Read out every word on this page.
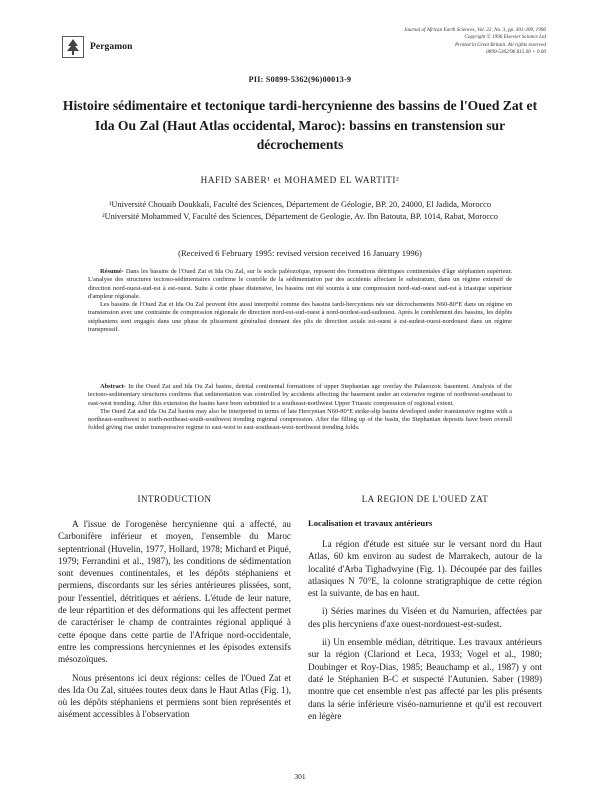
Pergamon
Journal of African Earth Sciences, Vol. 22, No. 3, pp. 301-309, 1996
Copyright © 1996 Elsevier Science Ltd
Printed in Great Britain. All rights reserved
0899-5362/96 $15.00 + 0.00
PII: S0899-5362(96)00013-9
Histoire sédimentaire et tectonique tardi-hercynienne des bassins de l'Oued Zat et Ida Ou Zal (Haut Atlas occidental, Maroc): bassins en transtension sur décrochements
HAFID SABER¹ et MOHAMED EL WARTITI²

¹Université Chouaib Doukkali, Faculté des Sciences, Département de Géologie, BP. 20, 24000, El Jadida, Morocco

²Université Mohammed V, Faculté des Sciences, Département de Geologie, Av. Ibn Batouta, BP. 1014, Rabat, Morocco

(Received 6 February 1995: revised version received 16 January 1996)

Résumé- Dans les bassins de l'Oued Zat et Ida Ou Zal, sur le socle paléozoïque, reposent des formations détritiques continentales d'âge stéphanien supérieur. L'analyse des structures tectono-sédimentaires confirme le contrôle de la sédimentation par des accidents affectant le substratum, dans un régime extensif de direction nord-ouest-sud-est à est-ouest. Suite à cette phase distensive, les bassins ont été soumis à une compression nord-sud-ouest sud-est à triasique supérieur d'ampleur régionale.

Les bassins de l'Oued Zat et Ida Ou Zal peuvent être aussi interprété comme des bassins tardi-hercyniens nés sur décrochements N60-80°E dans un régime en transtension avec une contrainte de compression régionale de direction nord-est-sud-ouest à nord-nordest-sud-sudouest. Après le comblement des bassins, les dépôts stéphaniens sont engagés dans une phase de plissement généralisé donnant des plis de direction axiale est-ouest à est-sudest-ouest-nordouest dans un régime transpressif.

Abstract- In the Oued Zat and Ida Ou Zal basins, detrital continental formations of upper Stephanian age overlay the Palaeozoic basement. Analysis of the tectono-sedimentary structures confirms that sedimentation was controlled by accidents affecting the basement under an extensive regime of northwest-southeast to east-west trending. After this extension the basins have been submitted to a southeast-northwest Upper Triassic compression of regional extent.

The Oued Zat and Ida Ou Zal basins may also be interpreted in terms of late Hercynian N60-80°E strike-slip basins developed under transtensive regime with a northeast-southwest to north-northeast-south-southwest trending regional compression. After the filling up of the basin, the Stephanian deposits have been overall folded giving rise under transpressive regime to east-west to east-southeast-west-northwest trending folds.

INTRODUCTION

A l'issue de l'orogenèse hercynienne qui a affecté, au Carbonifère inférieur et moyen, l'ensemble du Maroc septentrional (Huvelin, 1977, Hollard, 1978; Michard et Piqué, 1979; Ferrandini et al., 1987), les conditions de sédimentation sont devenues continentales, et les dépôts stéphaniens et permiens, discordants sur les séries antérieures plissées, sont, pour l'essentiel, détritiques et aériens. L'étude de leur nature, de leur répartition et des déformations qui les affectent permet de caractériser le champ de contraintes régional appliqué à cette époque dans cette partie de l'Afrique nord-occidentale, entre les compressions hercyniennes et les épisodes extensifs mésozoïques.

Nous présentons ici deux régions: celles de l'Oued Zat et des Ida Ou Zal, situées toutes deux dans le Haut Atlas (Fig. 1), où les dépôts stéphaniens et permiens sont bien représentés et aisément accessibles à l'observation

LA REGION DE L'OUED ZAT
Localisation et travaux antérieurs

La région d'étude est située sur le versant nord du Haut Atlas, 60 km environ au sudest de Marrakech, autour de la localité d'Arba Tighadwyine (Fig. 1). Découpée par des failles atlasiques N 70°E, la colonne stratigraphique de cette région est la suivante, de bas en haut.

i) Séries marines du Viséen et du Namurien, affectées par des plis hercyniens d'axe ouest-nordouest-est-sudest.

ii) Un ensemble médian, détritique. Les travaux antérieurs sur la région (Clariond et Leca, 1933; Vogel et al., 1980; Doubinger et Roy-Dias, 1985; Beauchamp et al., 1987) y ont daté le Stéphanien B-C et suspecté l'Autunien. Saber (1989) montre que cet ensemble n'est pas affecté par les plis présents dans la série inférieure viséo-namurienne et qu'il est recouvert en légère

301
